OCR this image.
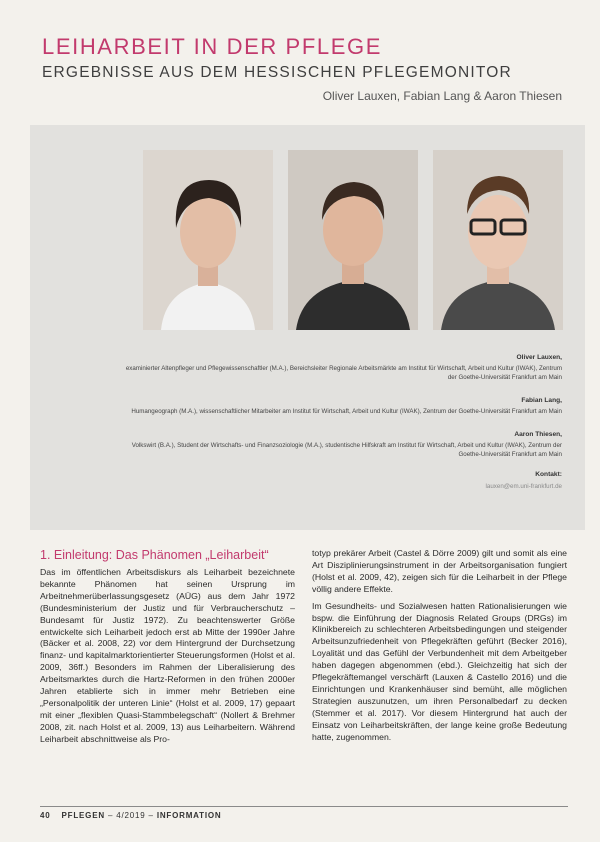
LEIHARBEIT IN DER PFLEGE
ERGEBNISSE AUS DEM HESSISCHEN PFLEGEMONITOR
Oliver Lauxen, Fabian Lang & Aaron Thiesen
Oliver Lauxen,
examinierter Altenpfleger und Pflegewissenschaftler (M.A.), Bereichsleiter Regionale Arbeitsmärkte am Institut für Wirtschaft, Arbeit und Kultur (IWAK), Zentrum der Goethe-Universität Frankfurt am Main
Fabian Lang,
Humangeograph (M.A.), wissenschaftlicher Mitarbeiter am Institut für Wirtschaft, Arbeit und Kultur (IWAK), Zentrum der Goethe-Universität Frankfurt am Main
Aaron Thiesen,
Volkswirt (B.A.), Student der Wirtschafts- und Finanzsoziologie (M.A.), studentische Hilfskraft am Institut für Wirtschaft, Arbeit und Kultur (IWAK), Zentrum der Goethe-Universität Frankfurt am Main
Kontakt:
lauxen@em.uni-frankfurt.de
1. Einleitung: Das Phänomen „Leiharbeit“

Das im öffentlichen Arbeitsdiskurs als Leiharbeit bezeichnete bekannte Phänomen hat seinen Ursprung im Arbeitnehmerüberlassungsgesetz (AÜG) aus dem Jahr 1972 (Bundesministerium der Justiz und für Verbraucherschutz – Bundesamt für Justiz 1972). Zu beachtenswerter Größe entwickelte sich Leiharbeit jedoch erst ab Mitte der 1990er Jahre (Bäcker et al. 2008, 22) vor dem Hintergrund der Durchsetzung finanz- und kapitalmarktorientierter Steuerungsformen (Holst et al. 2009, 36ff.) Besonders im Rahmen der Liberalisierung des Arbeitsmarktes durch die Hartz-Reformen in den frühen 2000er Jahren etablierte sich in immer mehr Betrieben eine „Personalpolitik der unteren Linie“ (Holst et al. 2009, 17) gepaart mit einer „flexiblen Quasi-Stammbelegschaft“ (Nollert & Brehmer 2008, zit. nach Holst et al. 2009, 13) aus Leiharbeitern. Während Leiharbeit abschnittweise als Pro-

totyp prekärer Arbeit (Castel & Dörre 2009) gilt und somit als eine Art Disziplinierungsinstrument in der Arbeitsorganisation fungiert (Holst et al. 2009, 42), zeigen sich für die Leiharbeit in der Pflege völlig andere Effekte.

Im Gesundheits- und Sozialwesen hatten Rationalisierungen wie bspw. die Einführung der Diagnosis Related Groups (DRGs) im Klinikbereich zu schlechteren Arbeitsbedingungen und steigender Arbeitsunzufriedenheit von Pflegekräften geführt (Becker 2016), Loyalität und das Gefühl der Verbundenheit mit dem Arbeitgeber haben dagegen abgenommen (ebd.). Gleichzeitig hat sich der Pflegekräftemangel verschärft (Lauxen & Castello 2016) und die Einrichtungen und Krankenhäuser sind bemüht, alle möglichen Strategien auszunutzen, um ihren Personalbedarf zu decken (Stemmer et al. 2017). Vor diesem Hintergrund hat auch der Einsatz von Leiharbeitskräften, der lange keine große Bedeutung hatte, zugenommen.

40 PFLEGEN – 4/2019 – INFORMATION
